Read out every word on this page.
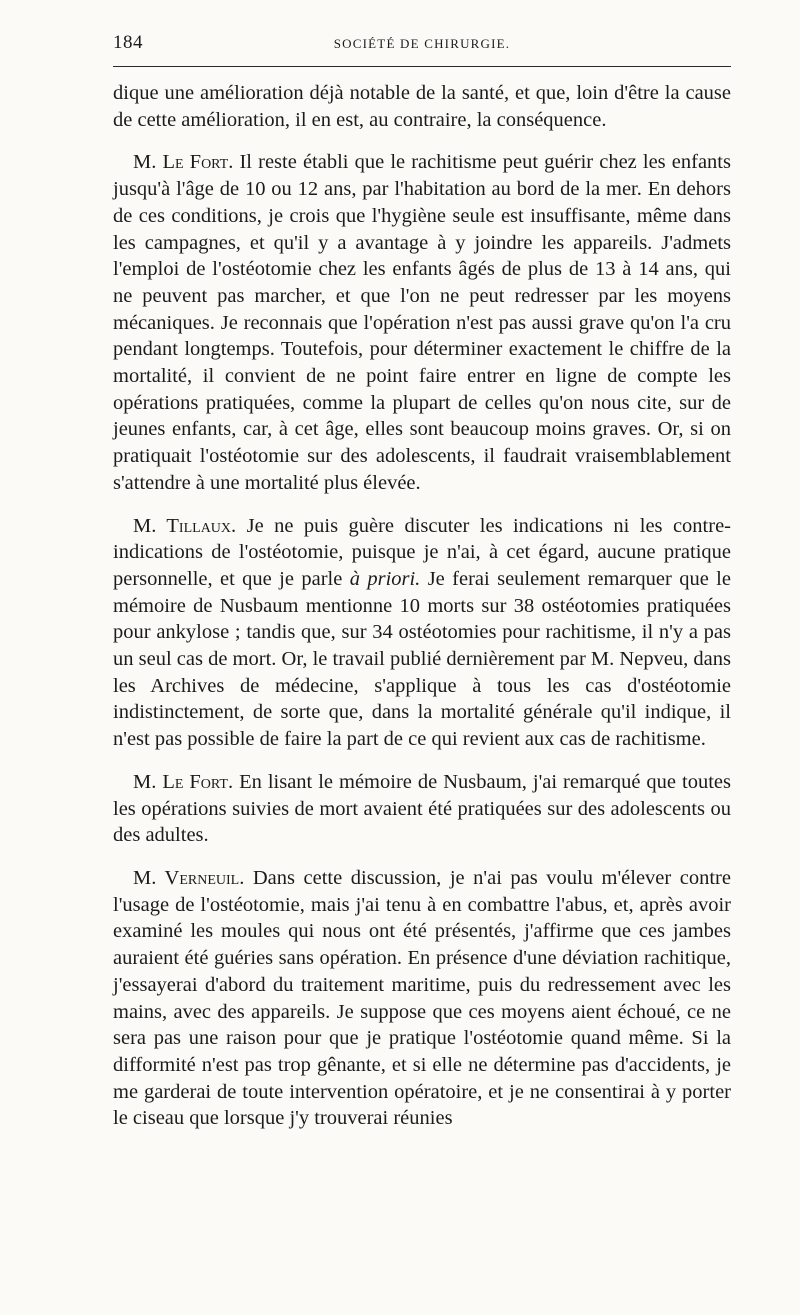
184	SOCIÉTÉ DE CHIRURGIE.

dique une amélioration déjà notable de la santé, et que, loin d'être la cause de cette amélioration, il en est, au contraire, la conséquence.

M. Le Fort. Il reste établi que le rachitisme peut guérir chez les enfants jusqu'à l'âge de 10 ou 12 ans, par l'habitation au bord de la mer. En dehors de ces conditions, je crois que l'hygiène seule est insuffisante, même dans les campagnes, et qu'il y a avantage à y joindre les appareils. J'admets l'emploi de l'ostéotomie chez les enfants âgés de plus de 13 à 14 ans, qui ne peuvent pas marcher, et que l'on ne peut redresser par les moyens mécaniques. Je reconnais que l'opération n'est pas aussi grave qu'on l'a cru pendant longtemps. Toutefois, pour déterminer exactement le chiffre de la mortalité, il convient de ne point faire entrer en ligne de compte les opérations pratiquées, comme la plupart de celles qu'on nous cite, sur de jeunes enfants, car, à cet âge, elles sont beaucoup moins graves. Or, si on pratiquait l'ostéotomie sur des adolescents, il faudrait vraisemblablement s'attendre à une mortalité plus élevée.

M. Tillaux. Je ne puis guère discuter les indications ni les contre-indications de l'ostéotomie, puisque je n'ai, à cet égard, aucune pratique personnelle, et que je parle à priori. Je ferai seulement remarquer que le mémoire de Nusbaum mentionne 10 morts sur 38 ostéotomies pratiquées pour ankylose ; tandis que, sur 34 ostéotomies pour rachitisme, il n'y a pas un seul cas de mort. Or, le travail publié dernièrement par M. Nepveu, dans les Archives de médecine, s'applique à tous les cas d'ostéotomie indistinctement, de sorte que, dans la mortalité générale qu'il indique, il n'est pas possible de faire la part de ce qui revient aux cas de rachitisme.

M. Le Fort. En lisant le mémoire de Nusbaum, j'ai remarqué que toutes les opérations suivies de mort avaient été pratiquées sur des adolescents ou des adultes.

M. Verneuil. Dans cette discussion, je n'ai pas voulu m'élever contre l'usage de l'ostéotomie, mais j'ai tenu à en combattre l'abus, et, après avoir examiné les moules qui nous ont été présentés, j'affirme que ces jambes auraient été guéries sans opération. En présence d'une déviation rachitique, j'essayerai d'abord du traitement maritime, puis du redressement avec les mains, avec des appareils. Je suppose que ces moyens aient échoué, ce ne sera pas une raison pour que je pratique l'ostéotomie quand même. Si la difformité n'est pas trop gênante, et si elle ne détermine pas d'accidents, je me garderai de toute intervention opératoire, et je ne consentirai à y porter le ciseau que lorsque j'y trouverai réunies
